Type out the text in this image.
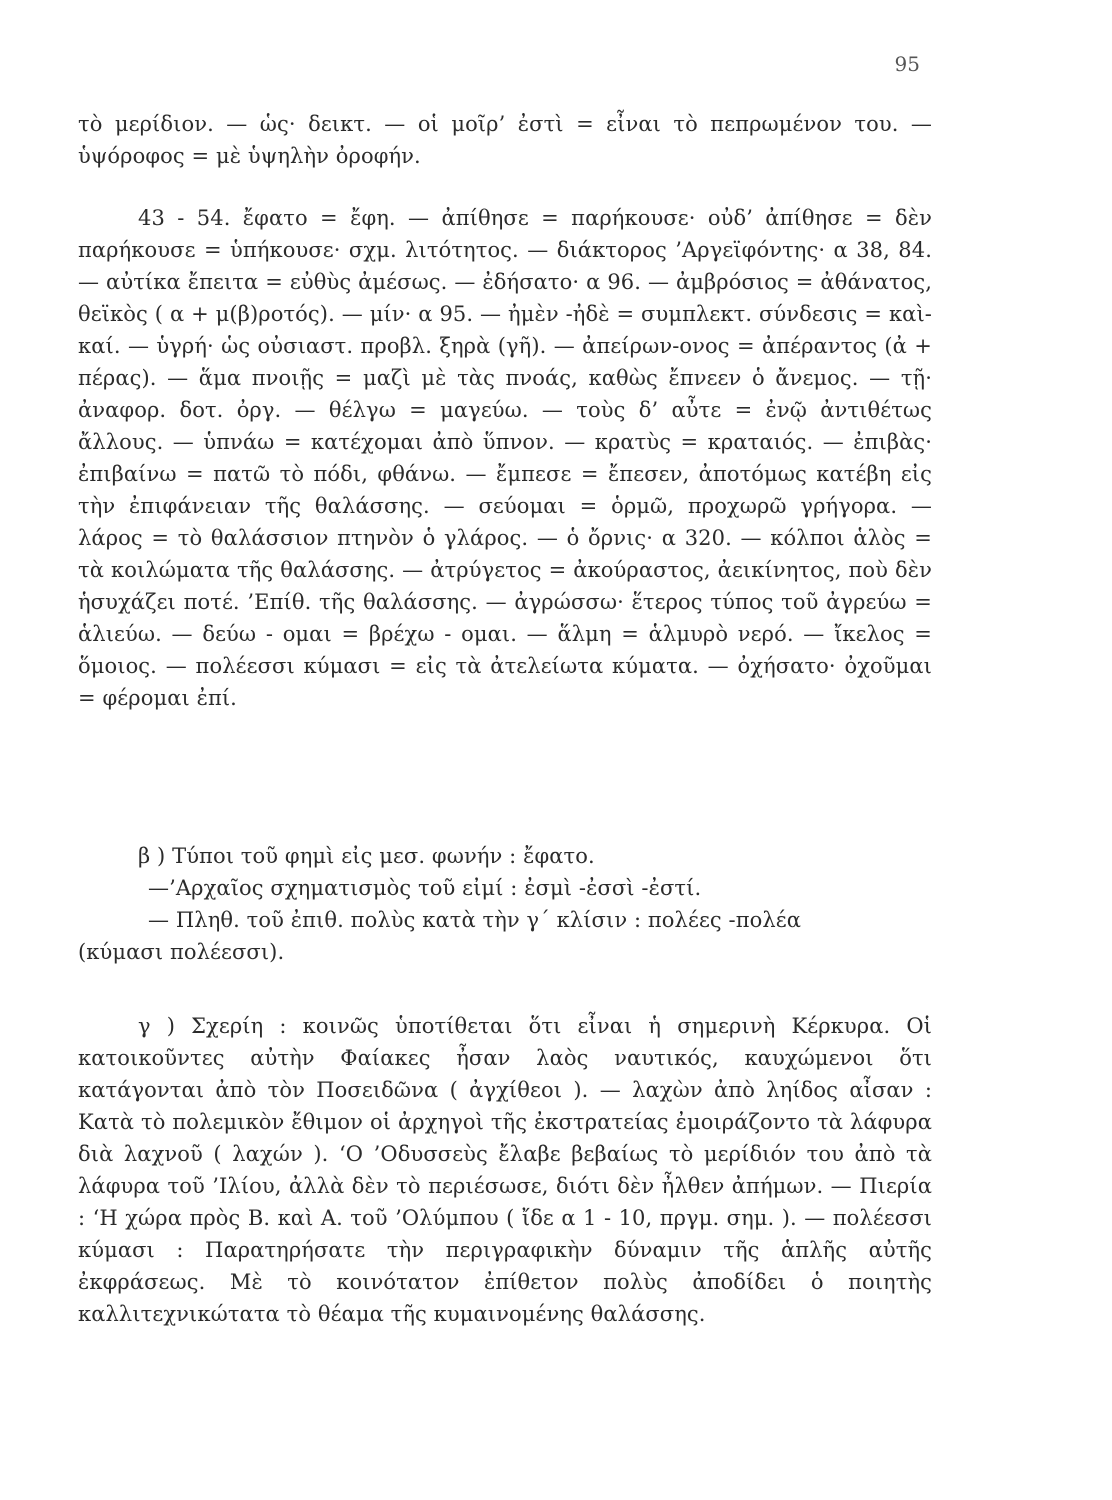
95

τὸ μερίδιον. — ὡς· δεικτ. — οἱ μοῖρ’ ἐστὶ = εἶναι τὸ πεπρωμένον του. — ὑψόροφος = μὲ ὑψηλὴν ὀροφήν.

43 - 54. ἔφατο = ἔφη. — ἀπίθησε = παρήκουσε· οὐδ’ ἀπίθησε = δὲν παρήκουσε = ὑπήκουσε· σχμ. λιτότητος. — διάκτορος ’Αργεϊφόντης· α 38, 84. — αὐτίκα ἔπειτα = εὐθὺς ἀμέσως. — ἐδήσατο· α 96. — ἀμβρόσιος = ἀθάνατος, θεϊκὸς ( α + μ(β)ροτός). — μίν· α 95. — ἠμὲν -ἠδὲ = συμπλεκτ. σύνδεσις = καὶ-καί. — ὑγρή· ὡς οὐσιαστ. προβλ. ξηρὰ (γῆ). — ἀπείρων-ονος = ἀπέραντος (ἀ + πέρας). — ἅμα πνοιῇς = μαζὶ μὲ τὰς πνοάς, καθὼς ἔπνεεν ὁ ἄνεμος. — τῇ· ἀναφορ. δοτ. ὀργ. — θέλγω = μαγεύω. — τοὺς δ’ αὖτε = ἐνῷ ἀντιθέτως ἄλλους. — ὑπνάω = κατέχομαι ἀπὸ ὕπνον. — κρατὺς = κραταιός. — ἐπιβὰς· ἐπιβαίνω = πατῶ τὸ πόδι, φθάνω. — ἔμπεσε = ἔπεσεν, ἀποτόμως κατέβη εἰς τὴν ἐπιφάνειαν τῆς θαλάσσης. — σεύομαι = ὁρμῶ, προχωρῶ γρήγορα. — λάρος = τὸ θαλάσσιον πτηνὸν ὁ γλάρος. — ὁ ὄρνις· α 320. — κόλποι ἁλὸς = τὰ κοιλώματα τῆς θαλάσσης. — ἀτρύγετος = ἀκούραστος, ἀεικίνητος, ποὺ δὲν ἡσυχάζει ποτέ. ’Επίθ. τῆς θαλάσσης. — ἀγρώσσω· ἕτερος τύπος τοῦ ἀγρεύω = ἁλιεύω. — δεύω - ομαι = βρέχω - ομαι. — ἅλμη = ἁλμυρὸ νερό. — ἴκελος = ὅμοιος. — πολέεσσι κύμασι = εἰς τὰ ἀτελείωτα κύματα. — ὀχήσατο· ὀχοῦμαι = φέρομαι ἐπί.

β ) Τύποι τοῦ φημὶ εἰς μεσ. φωνήν : ἔφατο.
—’Αρχαῖος σχηματισμὸς τοῦ εἰμί : ἐσμὶ -ἐσσὶ -ἐστί.
— Πληθ. τοῦ ἐπιθ. πολὺς κατὰ τὴν γ΄ κλίσιν : πολέες -πολέα
(κύμασι πολέεσσι).

γ ) Σχερίη : κοινῶς ὑποτίθεται ὅτι εἶναι ἡ σημερινὴ Κέρκυρα. Οἱ κατοικοῦντες αὐτὴν Φαίακες ἦσαν λαὸς ναυτικός, καυχώμενοι ὅτι κατάγονται ἀπὸ τὸν Ποσειδῶνα ( ἀγχίθεοι ). — λαχὼν ἀπὸ ληίδος αἶσαν : Κατὰ τὸ πολεμικὸν ἔθιμον οἱ ἀρχηγοὶ τῆς ἐκστρατείας ἐμοιράζοντο τὰ λάφυρα διὰ λαχνοῦ ( λαχών ). ‘Ο ’Οδυσσεὺς ἔλαβε βεβαίως τὸ μερίδιόν του ἀπὸ τὰ λάφυρα τοῦ ’Ιλίου, ἀλλὰ δὲν τὸ περιέσωσε, διότι δὲν ἦλθεν ἀπήμων. — Πιερία : ‘Η χώρα πρὸς Β. καὶ Α. τοῦ ’Ολύμπου ( ἴδε α 1 - 10, πργμ. σημ. ). — πολέεσσι κύμασι : Παρατηρήσατε τὴν περιγραφικὴν δύναμιν τῆς ἁπλῆς αὐτῆς ἐκφράσεως. Μὲ τὸ κοινότατον ἐπίθετον πολὺς ἀποδίδει ὁ ποιητὴς καλλιτεχνικώτατα τὸ θέαμα τῆς κυμαινομένης θαλάσσης.
